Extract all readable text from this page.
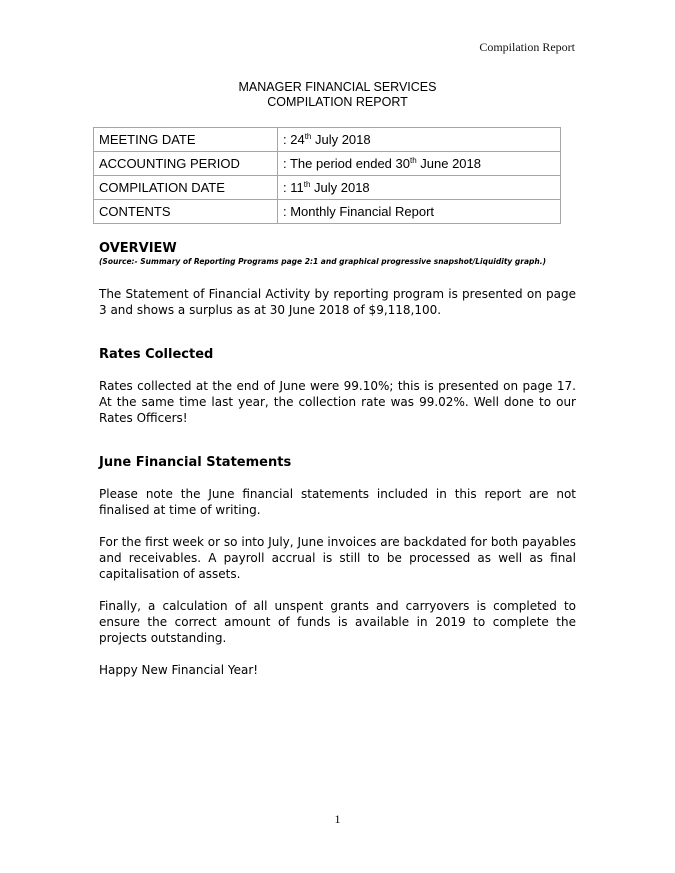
Compilation Report
MANAGER FINANCIAL SERVICES
COMPILATION REPORT
MEETING DATE	: 24th July 2018
ACCOUNTING PERIOD	: The period ended 30th June 2018
COMPILATION DATE	: 11th July 2018
CONTENTS	: Monthly Financial Report

OVERVIEW

(Source:- Summary of Reporting Programs page 2:1 and graphical progressive snapshot/Liquidity graph.)

The Statement of Financial Activity by reporting program is presented on page 3 and shows a surplus as at 30 June 2018 of $9,118,100.

Rates Collected

Rates collected at the end of June were 99.10%; this is presented on page 17. At the same time last year, the collection rate was 99.02%. Well done to our Rates Officers!

June Financial Statements

Please note the June financial statements included in this report are not finalised at time of writing.

For the first week or so into July, June invoices are backdated for both payables and receivables. A payroll accrual is still to be processed as well as final capitalisation of assets.

Finally, a calculation of all unspent grants and carryovers is completed to ensure the correct amount of funds is available in 2019 to complete the projects outstanding.

Happy New Financial Year!

1
